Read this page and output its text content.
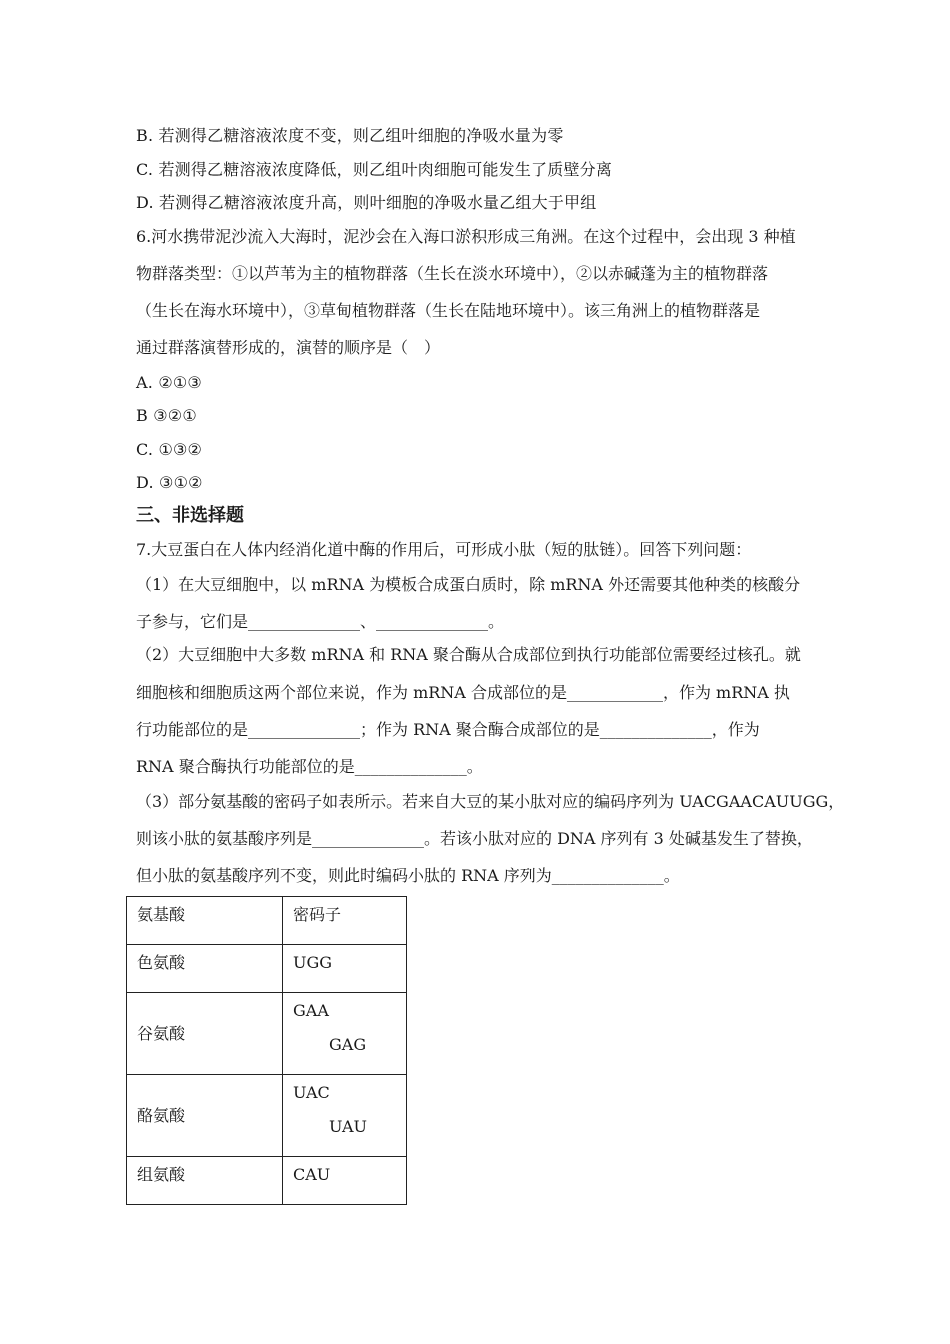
B. 若测得乙糖溶液浓度不变，则乙组叶细胞的净吸水量为零
C. 若测得乙糖溶液浓度降低，则乙组叶肉细胞可能发生了质壁分离
D. 若测得乙糖溶液浓度升高，则叶细胞的净吸水量乙组大于甲组
6.河水携带泥沙流入大海时，泥沙会在入海口淤积形成三角洲。在这个过程中，会出现 3 种植
物群落类型：①以芦苇为主的植物群落（生长在淡水环境中），②以赤碱蓬为主的植物群落
（生长在海水环境中），③草甸植物群落（生长在陆地环境中）。该三角洲上的植物群落是
通过群落演替形成的，演替的顺序是（　）
A. ②①③
B ③②①
C. ①③②
D. ③①②
三、非选择题
7.大豆蛋白在人体内经消化道中酶的作用后，可形成小肽（短的肽链）。回答下列问题：
（1）在大豆细胞中，以 mRNA 为模板合成蛋白质时，除 mRNA 外还需要其他种类的核酸分
子参与，它们是______________、______________。
（2）大豆细胞中大多数 mRNA 和 RNA 聚合酶从合成部位到执行功能部位需要经过核孔。就
细胞核和细胞质这两个部位来说，作为 mRNA 合成部位的是____________，作为 mRNA 执
行功能部位的是______________；作为 RNA 聚合酶合成部位的是______________，作为
RNA 聚合酶执行功能部位的是______________。
（3）部分氨基酸的密码子如表所示。若来自大豆的某小肽对应的编码序列为 UACGAACAUUGG，
则该小肽的氨基酸序列是______________。若该小肽对应的 DNA 序列有 3 处碱基发生了替换，
但小肽的氨基酸序列不变，则此时编码小肽的 RNA 序列为______________。
氨基酸	密码子

色氨酸	UGG

谷氨酸	GAA
GAG

酪氨酸	UAC
UAU

组氨酸	CAU
